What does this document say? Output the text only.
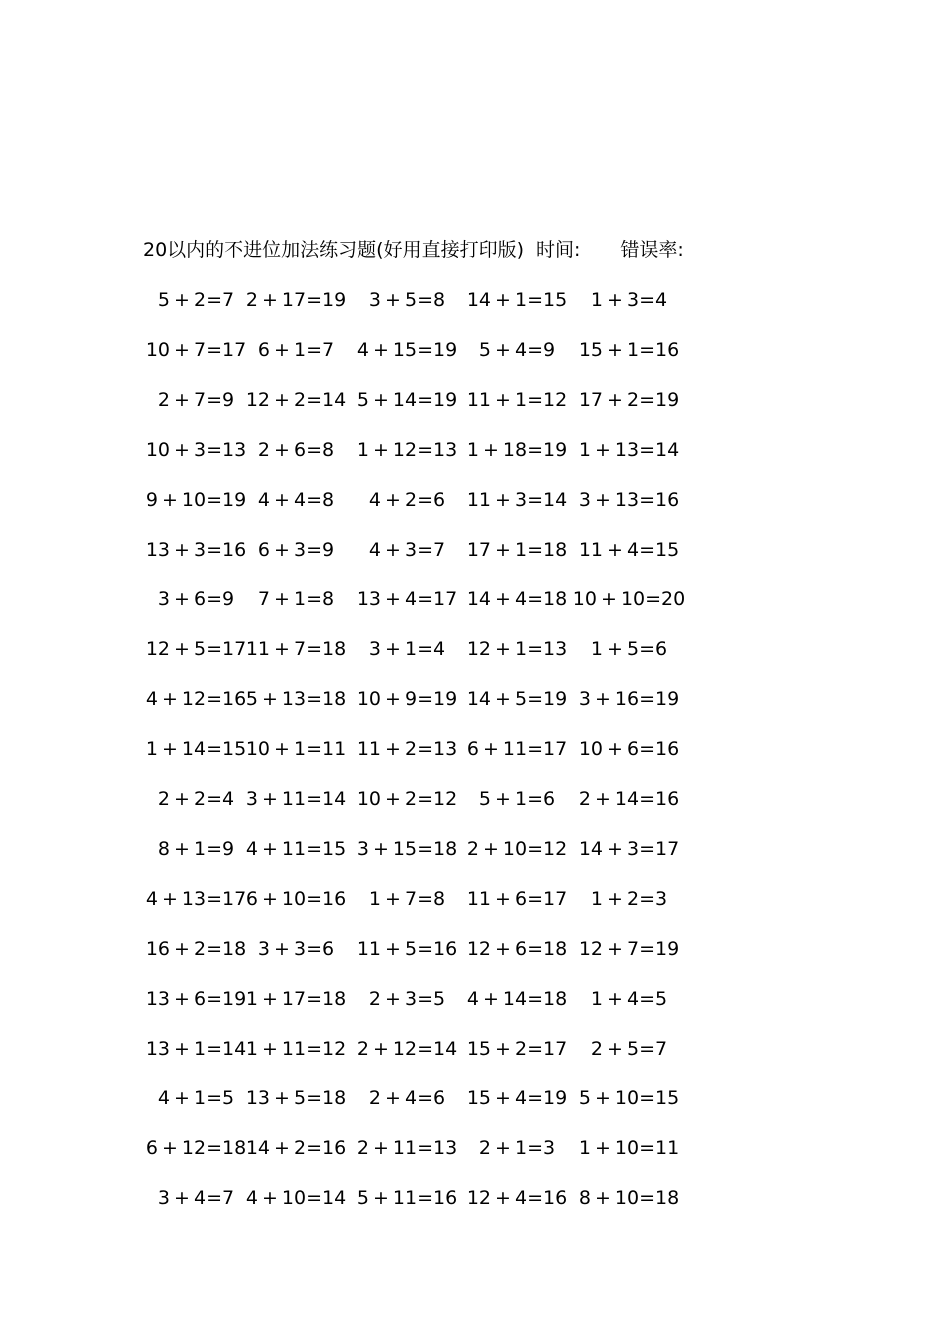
20以内的不进位加法练习题(好用直接打印版) 时间: 错误率:
5 + 2=7 2 + 17=19	3 + 5=8	14 + 1=15	1 + 3=4
10 + 7=17 6 + 1=7	4 + 15=19	5 + 4=9	15 + 1=16
2 + 7=9 12 + 2=14 5 + 14=19 11 + 1=12 17 + 2=19
10 + 3=13 2 + 6=8	1 + 12=13 1 + 18=19 1 + 13=14
9 + 10=19 4 + 4=8	4 + 2=6	11 + 3=14 3 + 13=16
13 + 3=16 6 + 3=9	4 + 3=7	17 + 1=18 11 + 4=15
3 + 6=9	7 + 1=8	13 + 4=17 14 + 4=18 10 + 10=20
12 + 5=17 11 + 7=18	3 + 1=4	12 + 1=13	1 + 5=6
4 + 12=16 5 + 13=18 10 + 9=19 14 + 5=19 3 + 16=19
1 + 14=15 10 + 1=11 11 + 2=13 6 + 11=17 10 + 6=16
2 + 2=4 3 + 11=14 10 + 2=12	5 + 1=6	2 + 14=16
8 + 1=9 4 + 11=15 3 + 15=18 2 + 10=12 14 + 3=17
4 + 13=17 6 + 10=16	1 + 7=8	11 + 6=17	1 + 2=3
16 + 2=18 3 + 3=6	11 + 5=16 12 + 6=18 12 + 7=19
13 + 6=19 1 + 17=18	2 + 3=5	4 + 14=18	1 + 4=5
13 + 1=14 1 + 11=12 2 + 12=14 15 + 2=17	2 + 5=7
4 + 1=5 13 + 5=18	2 + 4=6	15 + 4=19 5 + 10=15
6 + 12=18 14 + 2=16 2 + 11=13	2 + 1=3	1 + 10=11
3 + 4=7 4 + 10=14 5 + 11=16 12 + 4=16 8 + 10=18
